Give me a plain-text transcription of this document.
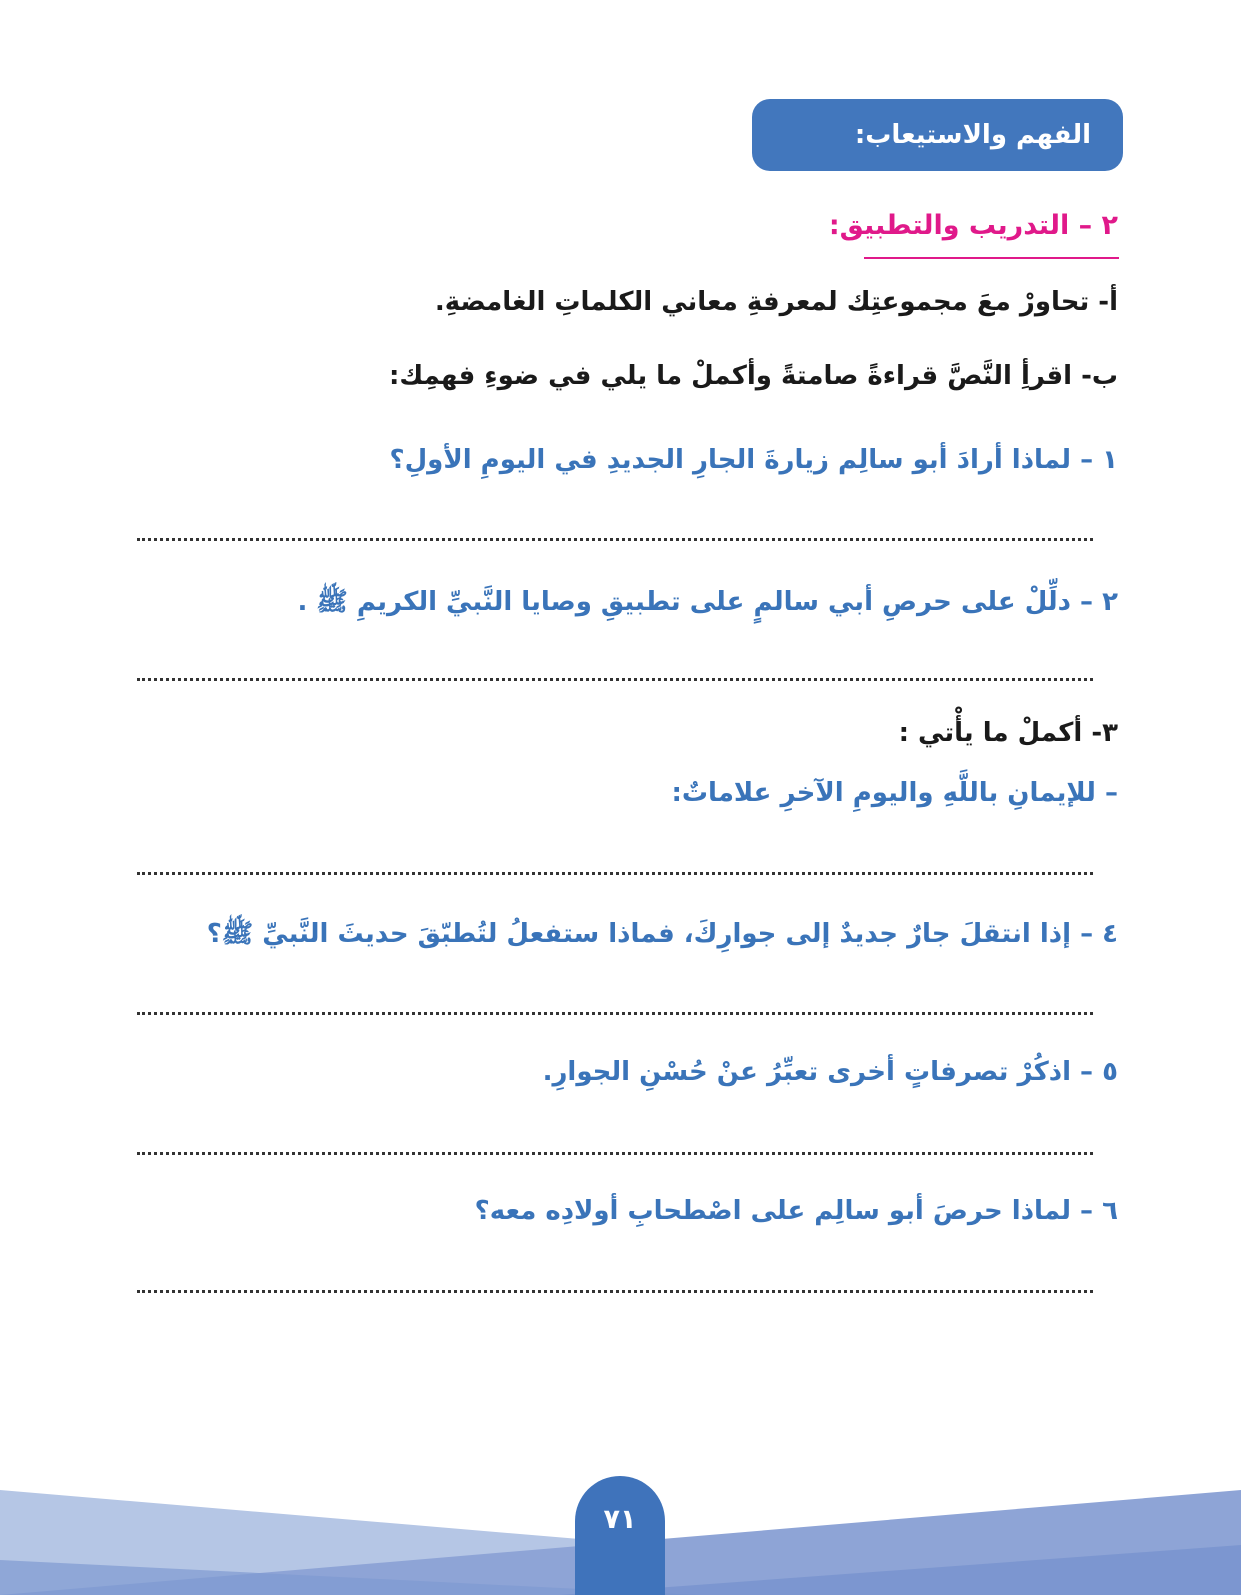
الفهم والاستيعاب:
٢ – التدريب والتطبيق:
أ- تحاورْ معَ مجموعتِك لمعرفةِ معاني الكلماتِ الغامضةِ.
ب- اقرأِ النَّصَّ قراءةً صامتةً وأكملْ ما يلي في ضوءِ فهمِك:
١ – لماذا أرادَ أبو سالِم زيارةَ الجارِ الجديدِ في اليومِ الأولِ؟
٢ – دلِّلْ على حرصِ أبي سالمٍ على تطبيقِ وصايا النَّبيِّ الكريمِ ﷺ .
٣- أكملْ ما يأْتي :
– للإيمانِ باللَّهِ واليومِ الآخرِ علاماتٌ:
٤ – إذا انتقلَ جارٌ جديدٌ إلى جوارِكَ، فماذا ستفعلُ لتُطبّقَ حديثَ النَّبيِّ ﷺ؟
٥ – اذكُرْ تصرفاتٍ أخرى تعبِّرُ عنْ حُسْنِ الجوارِ.
٦ – لماذا حرصَ أبو سالِم على اصْطحابِ أولادِه معه؟
٧١
